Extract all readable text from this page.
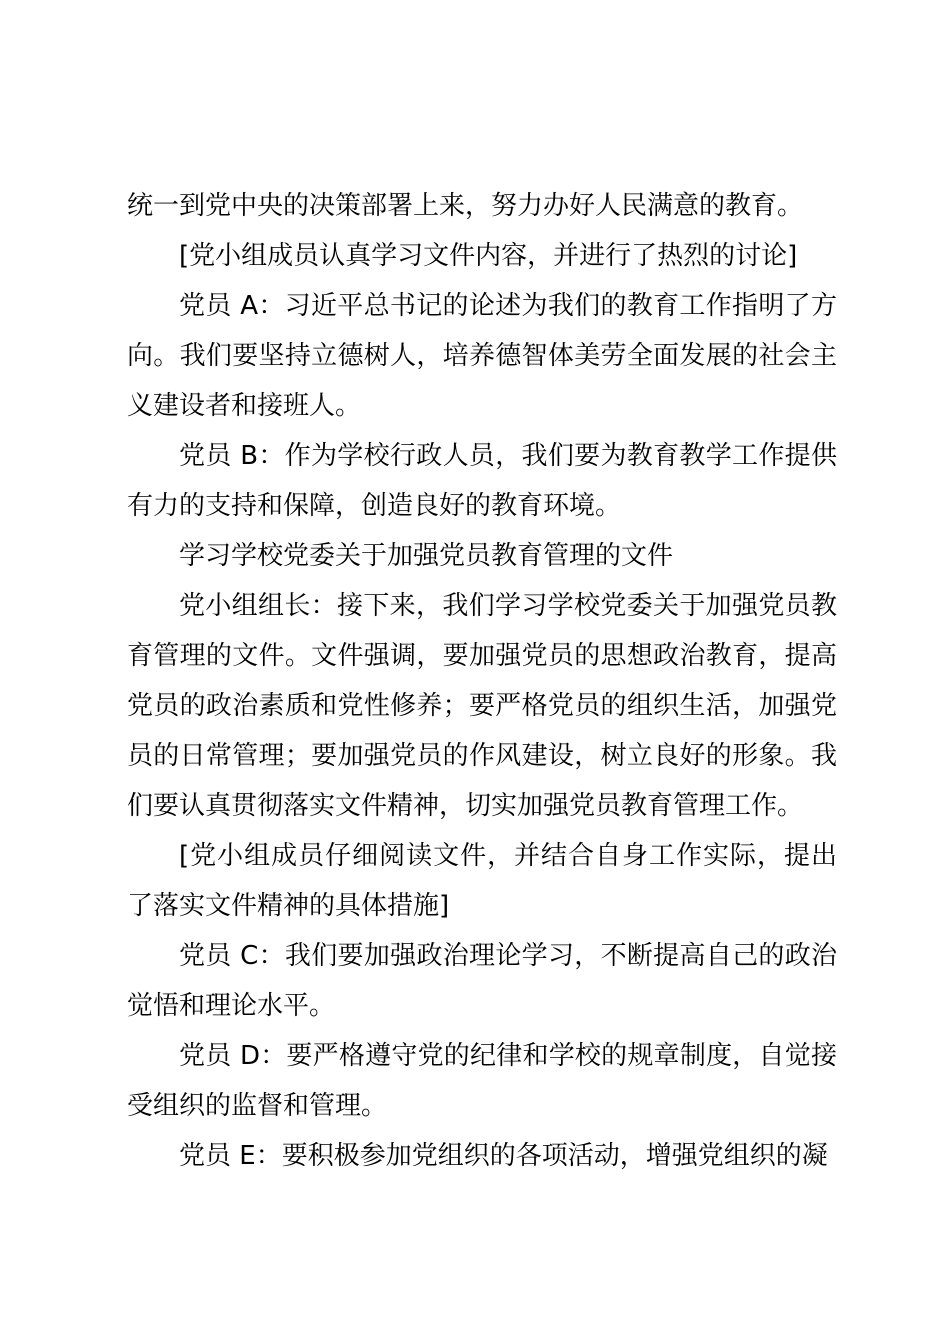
统一到党中央的决策部署上来，努力办好人民满意的教育。

[党小组成员认真学习文件内容，并进行了热烈的讨论]

党员 A：习近平总书记的论述为我们的教育工作指明了方向。我们要坚持立德树人，培养德智体美劳全面发展的社会主义建设者和接班人。

党员 B：作为学校行政人员，我们要为教育教学工作提供有力的支持和保障，创造良好的教育环境。

学习学校党委关于加强党员教育管理的文件

党小组组长：接下来，我们学习学校党委关于加强党员教育管理的文件。文件强调，要加强党员的思想政治教育，提高党员的政治素质和党性修养；要严格党员的组织生活，加强党员的日常管理；要加强党员的作风建设，树立良好的形象。我们要认真贯彻落实文件精神，切实加强党员教育管理工作。

[党小组成员仔细阅读文件，并结合自身工作实际，提出了落实文件精神的具体措施]

党员 C：我们要加强政治理论学习，不断提高自己的政治觉悟和理论水平。

党员 D：要严格遵守党的纪律和学校的规章制度，自觉接受组织的监督和管理。

党员 E：要积极参加党组织的各项活动，增强党组织的凝
